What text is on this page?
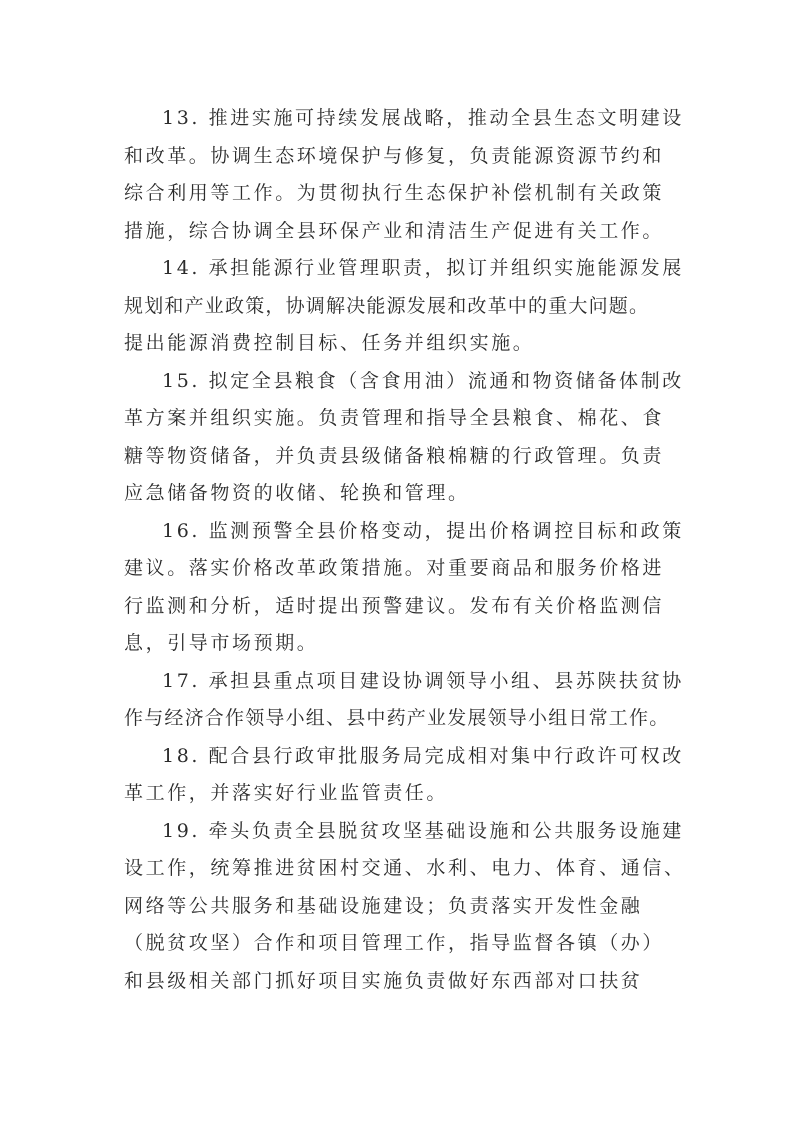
13. 推进实施可持续发展战略，推动全县生态文明建设
和改革。协调生态环境保护与修复，负责能源资源节约和
综合利用等工作。为贯彻执行生态保护补偿机制有关政策
措施，综合协调全县环保产业和清洁生产促进有关工作。

14. 承担能源行业管理职责，拟订并组织实施能源发展
规划和产业政策，协调解决能源发展和改革中的重大问题。
提出能源消费控制目标、任务并组织实施。

15. 拟定全县粮食（含食用油）流通和物资储备体制改
革方案并组织实施。负责管理和指导全县粮食、棉花、食
糖等物资储备，并负责县级储备粮棉糖的行政管理。负责
应急储备物资的收储、轮换和管理。

16. 监测预警全县价格变动，提出价格调控目标和政策
建议。落实价格改革政策措施。对重要商品和服务价格进
行监测和分析，适时提出预警建议。发布有关价格监测信
息，引导市场预期。

17. 承担县重点项目建设协调领导小组、县苏陕扶贫协
作与经济合作领导小组、县中药产业发展领导小组日常工作。

18. 配合县行政审批服务局完成相对集中行政许可权改
革工作，并落实好行业监管责任。

19. 牵头负责全县脱贫攻坚基础设施和公共服务设施建
设工作，统筹推进贫困村交通、水利、电力、体育、通信、
网络等公共服务和基础设施建设；负责落实开发性金融
（脱贫攻坚）合作和项目管理工作，指导监督各镇（办）
和县级相关部门抓好项目实施负责做好东西部对口扶贫
